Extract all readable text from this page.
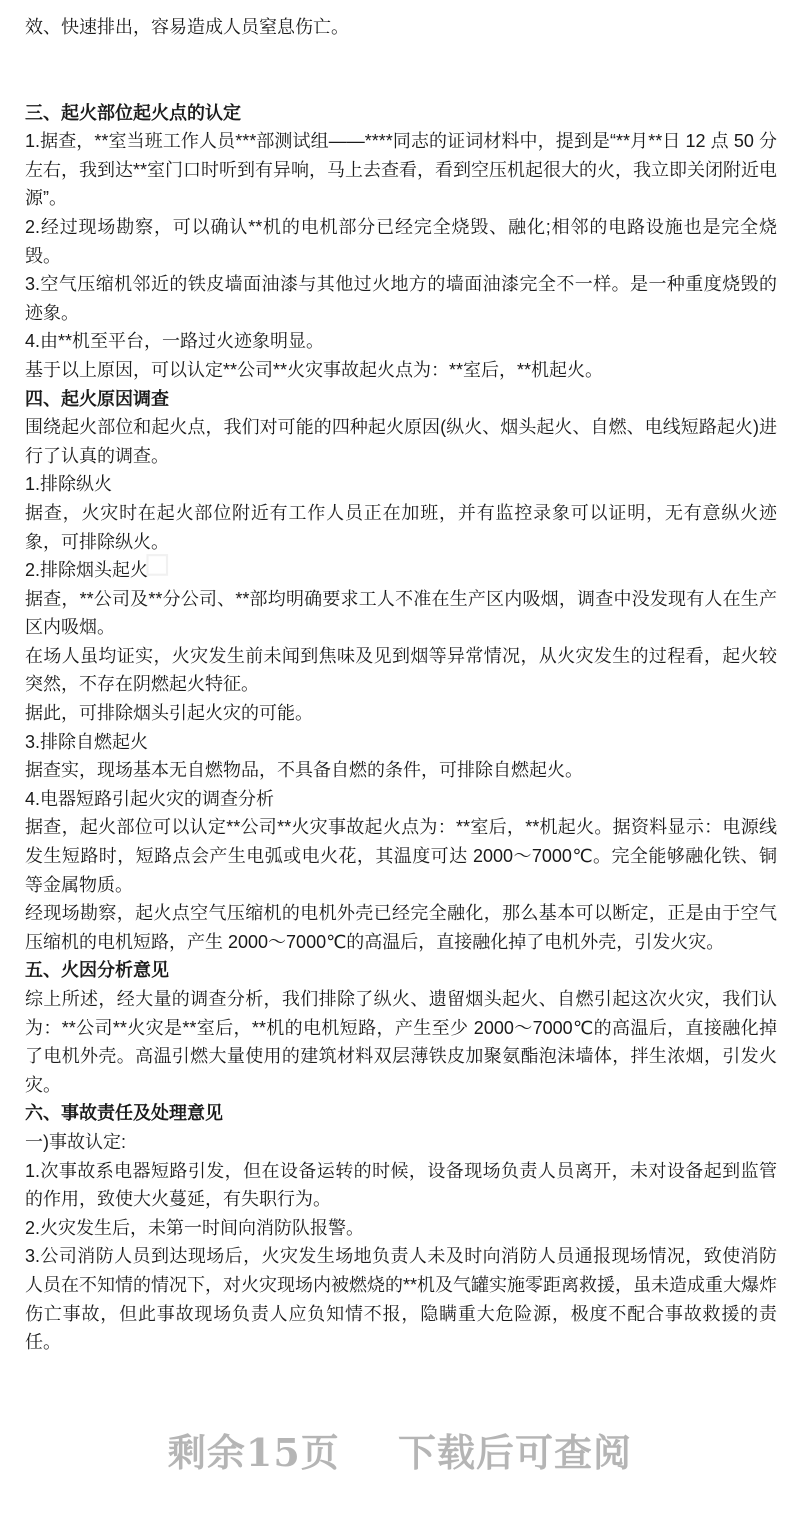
效、快速排出，容易造成人员窒息伤亡。

三、起火部位起火点的认定

1.据查，**室当班工作人员***部测试组——****同志的证词材料中，提到是“**月**日 12 点 50 分左右，我到达**室门口时听到有异响，马上去查看，看到空压机起很大的火，我立即关闭附近电源”。

2.经过现场勘察，可以确认**机的电机部分已经完全烧毁、融化;相邻的电路设施也是完全烧毁。

3.空气压缩机邻近的铁皮墙面油漆与其他过火地方的墙面油漆完全不一样。是一种重度烧毁的迹象。

4.由**机至平台，一路过火迹象明显。

基于以上原因，可以认定**公司**火灾事故起火点为：**室后，**机起火。

四、起火原因调查

围绕起火部位和起火点，我们对可能的四种起火原因(纵火、烟头起火、自燃、电线短路起火)进行了认真的调查。

1.排除纵火

据查，火灾时在起火部位附近有工作人员正在加班，并有监控录象可以证明，无有意纵火迹象，可排除纵火。

2.排除烟头起火

据查，**公司及**分公司、**部均明确要求工人不准在生产区内吸烟，调查中没发现有人在生产区内吸烟。

在场人虽均证实，火灾发生前未闻到焦味及见到烟等异常情况，从火灾发生的过程看，起火较突然，不存在阴燃起火特征。

据此，可排除烟头引起火灾的可能。

3.排除自燃起火

据查实，现场基本无自燃物品，不具备自燃的条件，可排除自燃起火。

4.电器短路引起火灾的调查分析

据查，起火部位可以认定**公司**火灾事故起火点为：**室后，**机起火。据资料显示：电源线发生短路时，短路点会产生电弧或电火花，其温度可达 2000～7000℃。完全能够融化铁、铜等金属物质。

经现场勘察，起火点空气压缩机的电机外壳已经完全融化，那么基本可以断定，正是由于空气压缩机的电机短路，产生 2000～7000℃的高温后，直接融化掉了电机外壳，引发火灾。

五、火因分析意见

综上所述，经大量的调查分析，我们排除了纵火、遗留烟头起火、自燃引起这次火灾，我们认为：**公司**火灾是**室后，**机的电机短路，产生至少 2000～7000℃的高温后，直接融化掉了电机外壳。高温引燃大量使用的建筑材料双层薄铁皮加聚氨酯泡沫墙体，拌生浓烟，引发火灾。

六、事故责任及处理意见

一)事故认定:

1.次事故系电器短路引发，但在设备运转的时候，设备现场负责人员离开，未对设备起到监管的作用，致使大火蔓延，有失职行为。

2.火灾发生后，未第一时间向消防队报警。

3.公司消防人员到达现场后，火灾发生场地负责人未及时向消防人员通报现场情况，致使消防人员在不知情的情况下，对火灾现场内被燃烧的**机及气罐实施零距离救援，虽未造成重大爆炸伤亡事故，但此事故现场负责人应负知情不报，隐瞒重大危险源，极度不配合事故救援的责任。

◇
剩余15页 下载后可查阅
